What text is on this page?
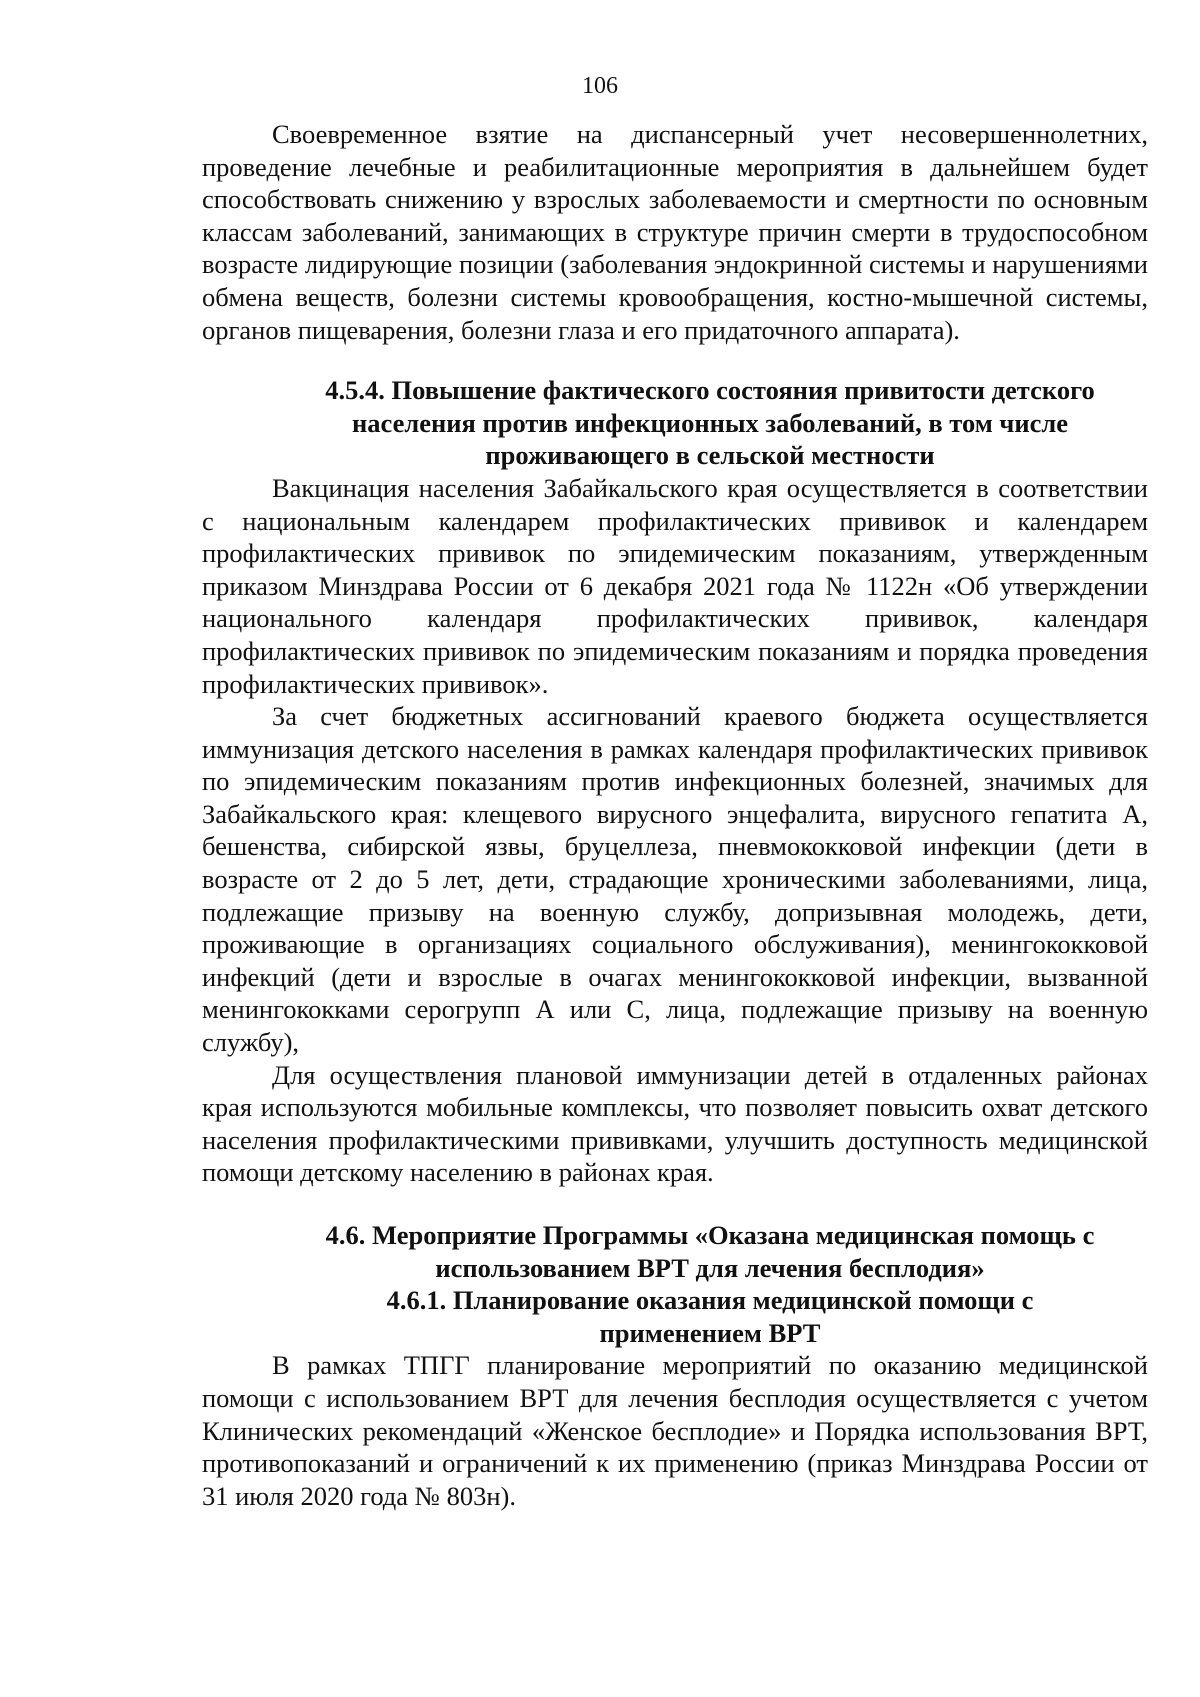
106

Своевременное взятие на диспансерный учет несовершеннолетних, проведение лечебные и реабилитационные мероприятия в дальнейшем будет способствовать снижению у взрослых заболеваемости и смертности по основным классам заболеваний, занимающих в структуре причин смерти в трудоспособном возрасте лидирующие позиции (заболевания эндокринной системы и нарушениями обмена веществ, болезни системы кровообращения, костно-мышечной системы, органов пищеварения, болезни глаза и его придаточного аппарата).

4.5.4. Повышение фактического состояния привитости детского
населения против инфекционных заболеваний, в том числе
проживающего в сельской местности

Вакцинация населения Забайкальского края осуществляется в соответствии с национальным календарем профилактических прививок и календарем профилактических прививок по эпидемическим показаниям, утвержденным приказом Минздрава России от 6 декабря 2021 года № 1122н «Об утверждении национального календаря профилактических прививок, календаря профилактических прививок по эпидемическим показаниям и порядка проведения профилактических прививок».

За счет бюджетных ассигнований краевого бюджета осуществляется иммунизация детского населения в рамках календаря профилактических прививок по эпидемическим показаниям против инфекционных болезней, значимых для Забайкальского края: клещевого вирусного энцефалита, вирусного гепатита А, бешенства, сибирской язвы, бруцеллеза, пневмококковой инфекции (дети в возрасте от 2 до 5 лет, дети, страдающие хроническими заболеваниями, лица, подлежащие призыву на военную службу, допризывная молодежь, дети, проживающие в организациях социального обслуживания), менингококковой инфекций (дети и взрослые в очагах менингококковой инфекции, вызванной менингококками серогрупп А или С, лица, подлежащие призыву на военную службу),

Для осуществления плановой иммунизации детей в отдаленных районах края используются мобильные комплексы, что позволяет повысить охват детского населения профилактическими прививками, улучшить доступность медицинской помощи детскому населению в районах края.

4.6. Мероприятие Программы «Оказана медицинская помощь с
использованием ВРТ для лечения бесплодия»
4.6.1. Планирование оказания медицинской помощи с
применением ВРТ

В рамках ТПГГ планирование мероприятий по оказанию медицинской помощи с использованием ВРТ для лечения бесплодия осуществляется с учетом Клинических рекомендаций «Женское бесплодие» и Порядка использования ВРТ, противопоказаний и ограничений к их применению (приказ Минздрава России от 31 июля 2020 года № 803н).
